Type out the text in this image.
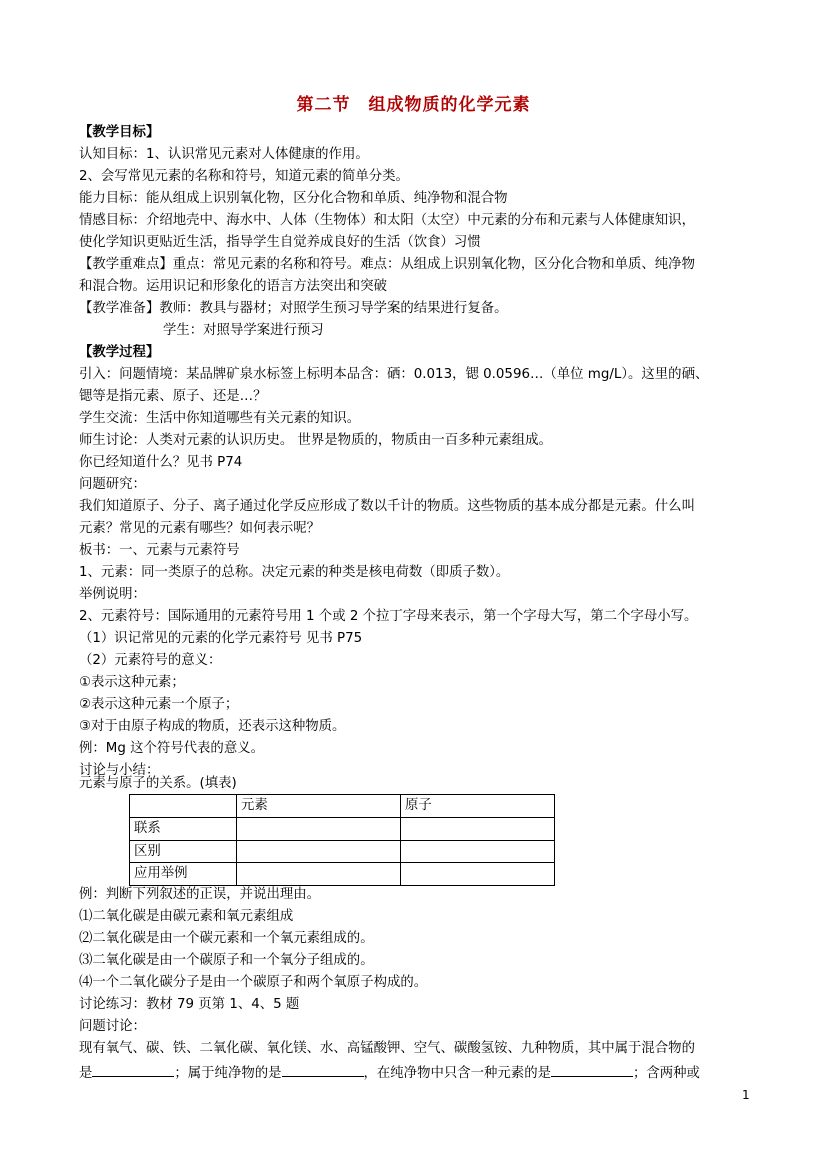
第二节　组成物质的化学元素
【教学目标】
认知目标：1、认识常见元素对人体健康的作用。
2、会写常见元素的名称和符号，知道元素的简单分类。
能力目标：能从组成上识别氧化物，区分化合物和单质、纯净物和混合物
情感目标：介绍地壳中、海水中、人体（生物体）和太阳（太空）中元素的分布和元素与人体健康知识，
使化学知识更贴近生活，指导学生自觉养成良好的生活（饮食）习惯
【教学重难点】重点：常见元素的名称和符号。难点：从组成上识别氧化物，区分化合物和单质、纯净物
和混合物。运用识记和形象化的语言方法突出和突破
【教学准备】教师：教具与器材；对照学生预习导学案的结果进行复备。
学生：对照导学案进行预习
【教学过程】
引入：问题情境：某品牌矿泉水标签上标明本品含：硒：0.013，锶 0.0596…（单位 mg/L）。这里的硒、
锶等是指元素、原子、还是…？
学生交流：生活中你知道哪些有关元素的知识。
师生讨论：人类对元素的认识历史。 世界是物质的，物质由一百多种元素组成。
你已经知道什么？见书 P74
问题研究：
我们知道原子、分子、离子通过化学反应形成了数以千计的物质。这些物质的基本成分都是元素。什么叫
元素？常见的元素有哪些？如何表示呢？
板书：一、元素与元素符号
1、元素：同一类原子的总称。决定元素的种类是核电荷数（即质子数）。
举例说明：
2、元素符号：国际通用的元素符号用 1 个或 2 个拉丁字母来表示，第一个字母大写，第二个字母小写。
（1）识记常见的元素的化学元素符号 见书 P75
（2）元素符号的意义：
①表示这种元素；
②表示这种元素一个原子；
③对于由原子构成的物质，还表示这种物质。
例：Mg 这个符号代表的意义。
讨论与小结：
元素与原子的关系。(填表)
	元素	原子
联系		
区别		
应用举例		
例：判断下列叙述的正误，并说出理由。
⑴二氧化碳是由碳元素和氧元素组成
⑵二氧化碳是由一个碳元素和一个氧元素组成的。
⑶二氧化碳是由一个碳原子和一个氧分子组成的。
⑷一个二氧化碳分子是由一个碳原子和两个氧原子构成的。
讨论练习：教材 79 页第 1、4、5 题
问题讨论：
现有氧气、碳、铁、二氧化碳、氧化镁、水、高锰酸钾、空气、碳酸氢铵、九种物质，其中属于混合物的
是	；属于纯净物的是	，在纯净物中只含一种元素的是	；含两种或
1
